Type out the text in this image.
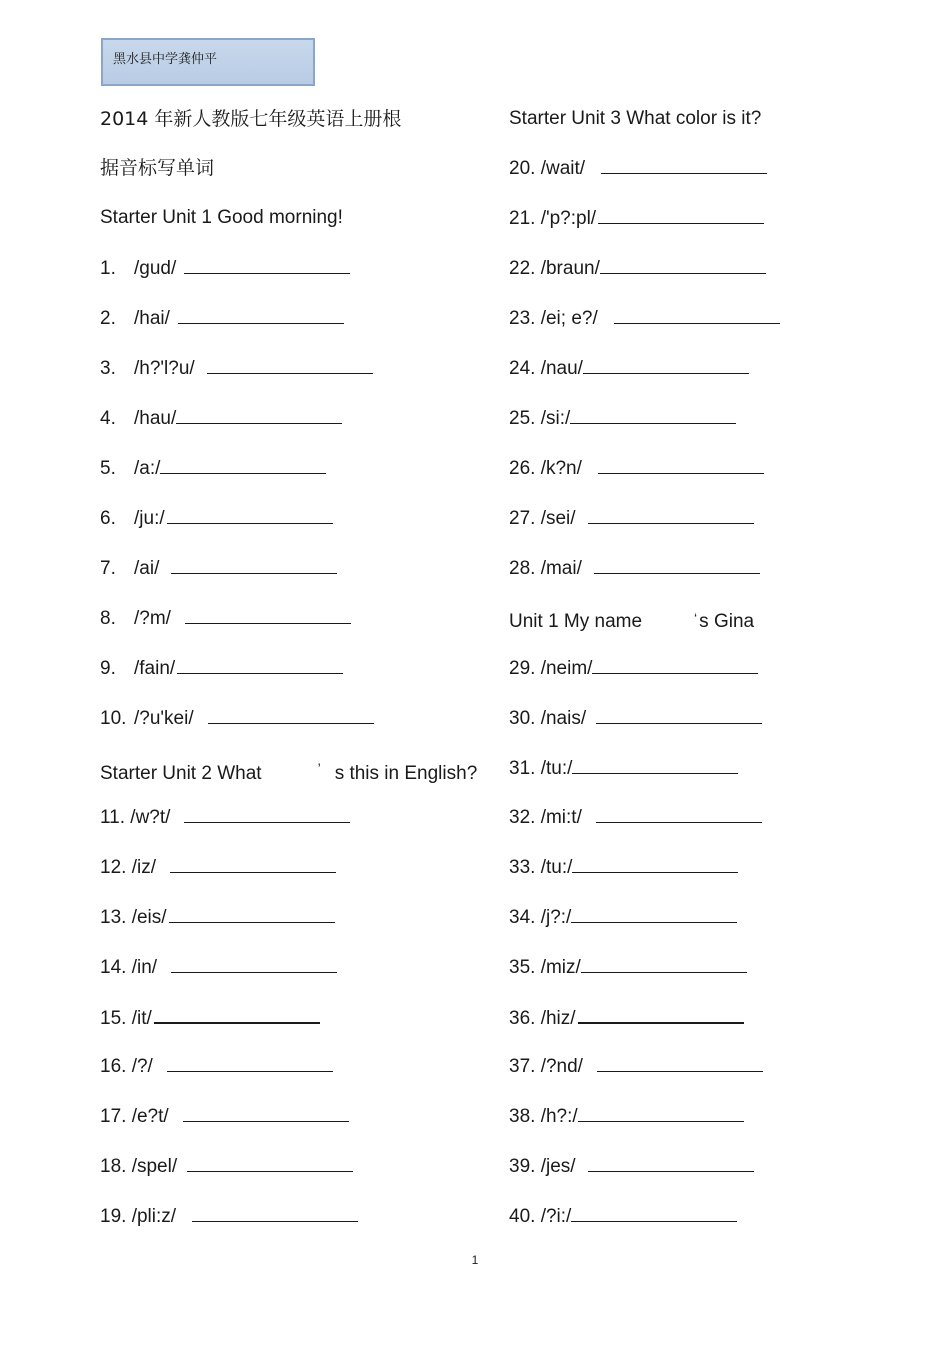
黑水县中学龚仲平
2014 年新人教版七年级英语上册根
据音标写单词
Starter Unit 1 Good morning!
1. /gud/
2. /hai/
3. /h?'l?u/
4. /hau/
5. /a:/
6. /ju:/
7. /ai/
8. /?m/
9. /fain/
10. /?u'kei/
Starter Unit 2 What	’ s this in English?
11. /w?t/
12. /iz/
13. /eis/
14. /in/
15. /it/
16. /?/
17. /e?t/
18. /spel/
19. /pli:z/
Starter Unit 3 What color is it?
20. /wait/
21. /'p?:pl/
22. /braun/
23. /ei; e?/
24. /nau/
26. /k?n/
25. /si:/
27. /sei/
28. /mai/
Unit 1 My name	‘ s Gina
29. /neim/
30. /nais/
31. /tu:/
32. /mi:t/
33. /tu:/
34. /j?:/
35. /miz/
36. /hiz/
37. /?nd/
38. /h?:/
39. /jes/
40. /?i:/
1
